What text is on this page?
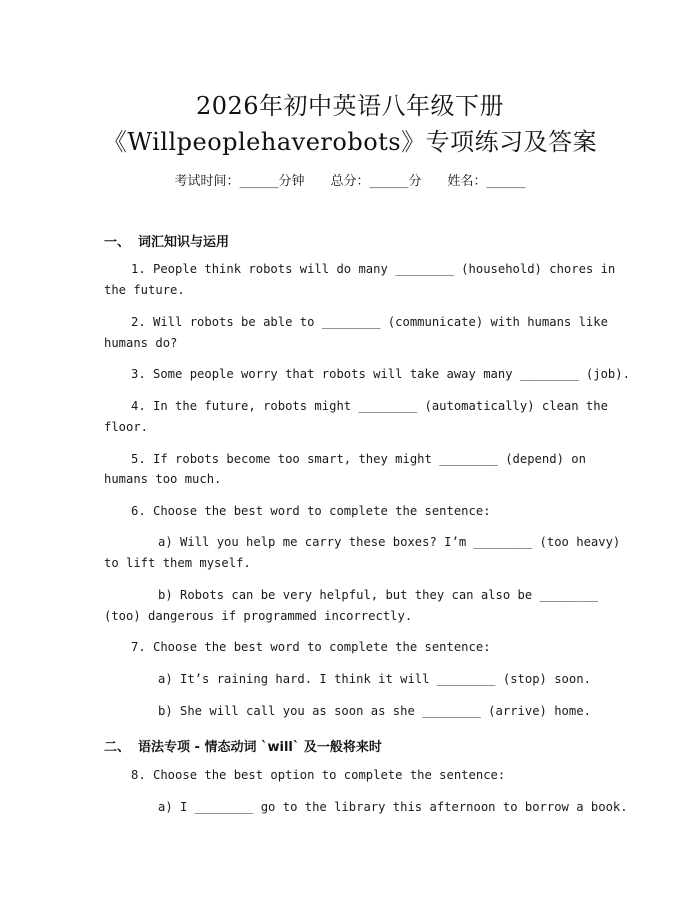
2026年初中英语八年级下册
《Willpeoplehaverobots》专项练习及答案
考试时间：______分钟 总分：______分 姓名：______
一、 词汇知识与运用
1. People think robots will do many ________ (household) chores in
the future.
2. Will robots be able to ________ (communicate) with humans like
humans do?
3. Some people worry that robots will take away many ________ (job).
4. In the future, robots might ________ (automatically) clean the
floor.
5. If robots become too smart, they might ________ (depend) on
humans too much.
6. Choose the best word to complete the sentence:
a) Will you help me carry these boxes? I’m ________ (too heavy)
to lift them myself.
b) Robots can be very helpful, but they can also be ________
(too) dangerous if programmed incorrectly.
7. Choose the best word to complete the sentence:
a) It’s raining hard. I think it will ________ (stop) soon.
b) She will call you as soon as she ________ (arrive) home.
二、 语法专项 - 情态动词 `will` 及一般将来时
8. Choose the best option to complete the sentence:
a) I ________ go to the library this afternoon to borrow a book.
